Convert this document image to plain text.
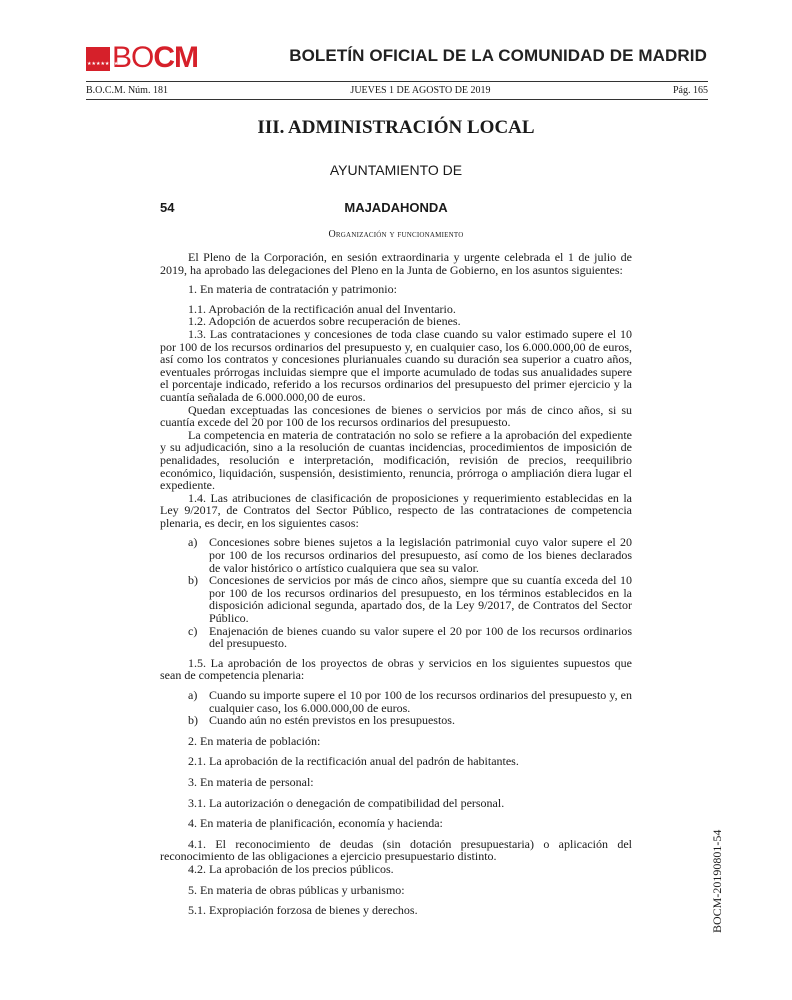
★★★★★★★
BO CM	BOLETÍN OFICIAL DE LA COMUNIDAD DE MADRID
B.O.C.M. Núm. 181	JUEVES 1 DE AGOSTO DE 2019	Pág. 165
III. ADMINISTRACIÓN LOCAL
AYUNTAMIENTO DE
54	MAJADAHONDA
Organización y funcionamiento

El Pleno de la Corporación, en sesión extraordinaria y urgente celebrada el 1 de julio de 2019, ha aprobado las delegaciones del Pleno en la Junta de Gobierno, en los asuntos siguientes:

1. En materia de contratación y patrimonio:

1.1. Aprobación de la rectificación anual del Inventario.

1.2. Adopción de acuerdos sobre recuperación de bienes.

1.3. Las contrataciones y concesiones de toda clase cuando su valor estimado supere el 10 por 100 de los recursos ordinarios del presupuesto y, en cualquier caso, los 6.000.000,00 de euros, así como los contratos y concesiones plurianuales cuando su duración sea superior a cuatro años, eventuales prórrogas incluidas siempre que el importe acumulado de todas sus anualidades supere el porcentaje indicado, referido a los recursos ordinarios del presupuesto del primer ejercicio y la cuantía señalada de 6.000.000,00 de euros.

Quedan exceptuadas las concesiones de bienes o servicios por más de cinco años, si su cuantía excede del 20 por 100 de los recursos ordinarios del presupuesto.

La competencia en materia de contratación no solo se refiere a la aprobación del expediente y su adjudicación, sino a la resolución de cuantas incidencias, procedimientos de imposición de penalidades, resolución e interpretación, modificación, revisión de precios, reequilibrio económico, liquidación, suspensión, desistimiento, renuncia, prórroga o ampliación diera lugar el expediente.

1.4. Las atribuciones de clasificación de proposiciones y requerimiento establecidas en la Ley 9/2017, de Contratos del Sector Público, respecto de las contrataciones de competencia plenaria, es decir, en los siguientes casos:

a) Concesiones sobre bienes sujetos a la legislación patrimonial cuyo valor supere el 20 por 100 de los recursos ordinarios del presupuesto, así como de los bienes declarados de valor histórico o artístico cualquiera que sea su valor.
b) Concesiones de servicios por más de cinco años, siempre que su cuantía exceda del 10 por 100 de los recursos ordinarios del presupuesto, en los términos establecidos en la disposición adicional segunda, apartado dos, de la Ley 9/2017, de Contratos del Sector Público.
c) Enajenación de bienes cuando su valor supere el 20 por 100 de los recursos ordinarios del presupuesto.

1.5. La aprobación de los proyectos de obras y servicios en los siguientes supuestos que sean de competencia plenaria:

a) Cuando su importe supere el 10 por 100 de los recursos ordinarios del presupuesto y, en cualquier caso, los 6.000.000,00 de euros.
b) Cuando aún no estén previstos en los presupuestos.

2. En materia de población:

2.1. La aprobación de la rectificación anual del padrón de habitantes.

3. En materia de personal:

3.1. La autorización o denegación de compatibilidad del personal.

4. En materia de planificación, economía y hacienda:

4.1. El reconocimiento de deudas (sin dotación presupuestaria) o aplicación del reconocimiento de las obligaciones a ejercicio presupuestario distinto.

4.2. La aprobación de los precios públicos.

5. En materia de obras públicas y urbanismo:

5.1. Expropiación forzosa de bienes y derechos.	BOCM-20190801-54
